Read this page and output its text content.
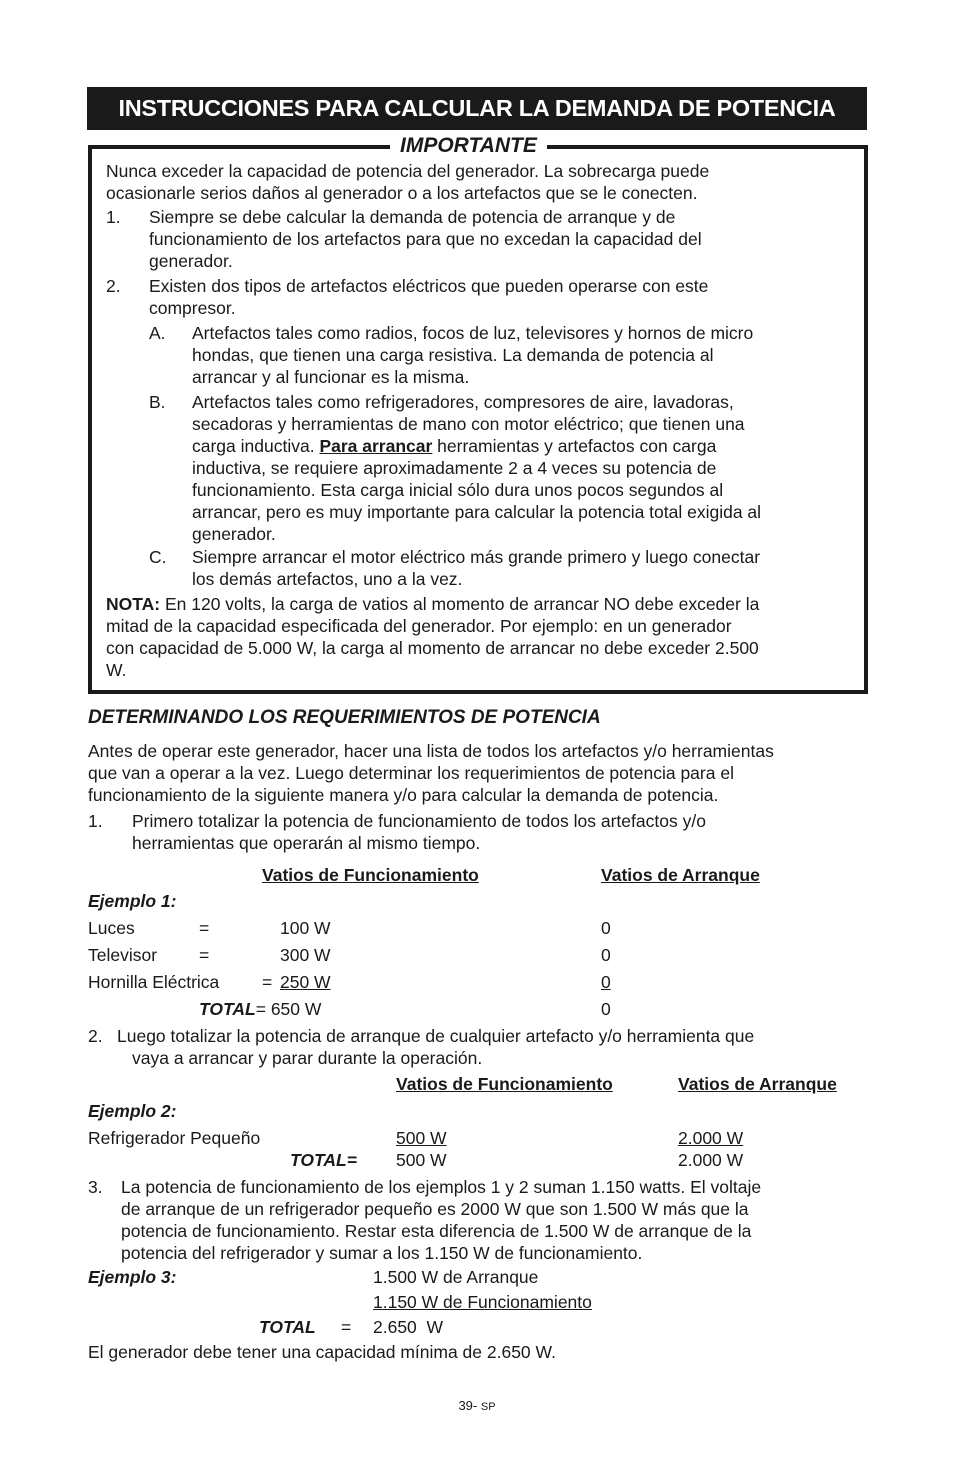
INSTRUCCIONES PARA CALCULAR LA DEMANDA DE POTENCIA
IMPORTANTE
Nunca exceder la capacidad de potencia del generador. La sobrecarga puede
ocasionarle serios daños al generador o a los artefactos que se le conecten.
1. Siempre se debe calcular la demanda de potencia de arranque y de
funcionamiento de los artefactos para que no excedan la capacidad del
generador.
2. Existen dos tipos de artefactos eléctricos que pueden operarse con este
compresor.
A. Artefactos tales como radios, focos de luz, televisores y hornos de micro
hondas, que tienen una carga resistiva. La demanda de potencia al
arrancar y al funcionar es la misma.
B. Artefactos tales como refrigeradores, compresores de aire, lavadoras,
secadoras y herramientas de mano con motor eléctrico; que tienen una
carga inductiva. Para arrancar herramientas y artefactos con carga
inductiva, se requiere aproximadamente 2 a 4 veces su potencia de
funcionamiento. Esta carga inicial sólo dura unos pocos segundos al
arrancar, pero es muy importante para calcular la potencia total exigida al
generador.
C. Siempre arrancar el motor eléctrico más grande primero y luego conectar
los demás artefactos, uno a la vez.
NOTA: En 120 volts, la carga de vatios al momento de arrancar NO debe exceder la
mitad de la capacidad especificada del generador. Por ejemplo: en un generador
con capacidad de 5.000 W, la carga al momento de arrancar no debe exceder 2.500
W.
DETERMINANDO LOS REQUERIMIENTOS DE POTENCIA
Antes de operar este generador, hacer una lista de todos los artefactos y/o herramientas
que van a operar a la vez. Luego determinar los requerimientos de potencia para el
funcionamiento de la siguiente manera y/o para calcular la demanda de potencia.
1. Primero totalizar la potencia de funcionamiento de todos los artefactos y/o
herramientas que operarán al mismo tiempo.
Vatios de Funcionamiento	Vatios de Arranque
Ejemplo 1:
Luces	=	100 W	0
Televisor =	300 W	0
Hornilla Eléctrica = 250 W	0
TOTAL= 650 W	0
2. Luego totalizar la potencia de arranque de cualquier artefacto y/o herramienta que
vaya a arrancar y parar durante la operación.
Vatios de Funcionamiento	Vatios de Arranque
Ejemplo 2:
Refrigerador Pequeño	500 W	2.000 W
TOTAL= 500 W	2.000 W
3. La potencia de funcionamiento de los ejemplos 1 y 2 suman 1.150 watts. El voltaje
de arranque de un refrigerador pequeño es 2000 W que son 1.500 W más que la
potencia de funcionamiento. Restar esta diferencia de 1.500 W de arranque de la
potencia del refrigerador y sumar a los 1.150 W de funcionamiento.
Ejemplo 3:	1.500 W de Arranque
1.150 W de Funcionamiento
TOTAL = 2.650  W
El generador debe tener una capacidad mínima de 2.650 W.
39- SP
